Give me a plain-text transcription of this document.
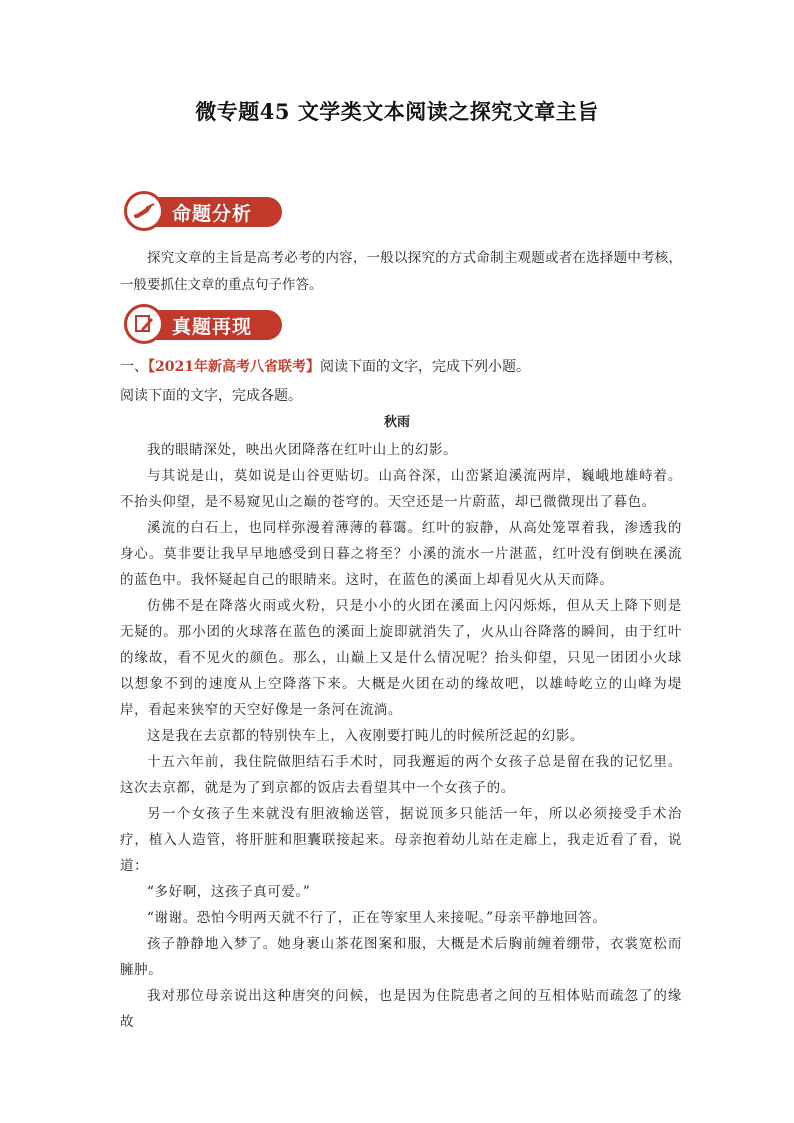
微专题45 文学类文本阅读之探究文章主旨
命题分析
探究文章的主旨是高考必考的内容，一般以探究的方式命制主观题或者在选择题中考核，一般要抓住文章的重点句子作答。
真题再现
一、【2021年新高考八省联考】阅读下面的文字，完成下列小题。
阅读下面的文字，完成各题。
秋雨

我的眼睛深处，映出火团降落在红叶山上的幻影。

与其说是山，莫如说是山谷更贴切。山高谷深，山峦紧迫溪流两岸，巍峨地雄峙着。不抬头仰望，是不易窥见山之巅的苍穹的。天空还是一片蔚蓝，却已微微现出了暮色。

溪流的白石上，也同样弥漫着薄薄的暮霭。红叶的寂静，从高处笼罩着我，渗透我的身心。莫非要让我早早地感受到日暮之将至？小溪的流水一片湛蓝，红叶没有倒映在溪流的蓝色中。我怀疑起自己的眼睛来。这时，在蓝色的溪面上却看见火从天而降。

仿佛不是在降落火雨或火粉，只是小小的火团在溪面上闪闪烁烁，但从天上降下则是无疑的。那小团的火球落在蓝色的溪面上旋即就消失了，火从山谷降落的瞬间，由于红叶的缘故，看不见火的颜色。那么，山巅上又是什么情况呢？抬头仰望，只见一团团小火球以想象不到的速度从上空降落下来。大概是火团在动的缘故吧，以雄峙屹立的山峰为堤岸，看起来狭窄的天空好像是一条河在流淌。

这是我在去京都的特别快车上，入夜刚要打盹儿的时候所泛起的幻影。

十五六年前，我住院做胆结石手术时，同我邂逅的两个女孩子总是留在我的记忆里。这次去京都，就是为了到京都的饭店去看望其中一个女孩子的。

另一个女孩子生来就没有胆液输送管，据说顶多只能活一年，所以必须接受手术治疗，植入人造管，将肝脏和胆囊联接起来。母亲抱着幼儿站在走廊上，我走近看了看，说道：

“多好啊，这孩子真可爱。”

“谢谢。恐怕今明两天就不行了，正在等家里人来接呢。”母亲平静地回答。

孩子静静地入梦了。她身裹山茶花图案和服，大概是术后胸前缠着绷带，衣裳宽松而臃肿。

我对那位母亲说出这种唐突的问候，也是因为住院患者之间的互相体贴而疏忽了的缘故
